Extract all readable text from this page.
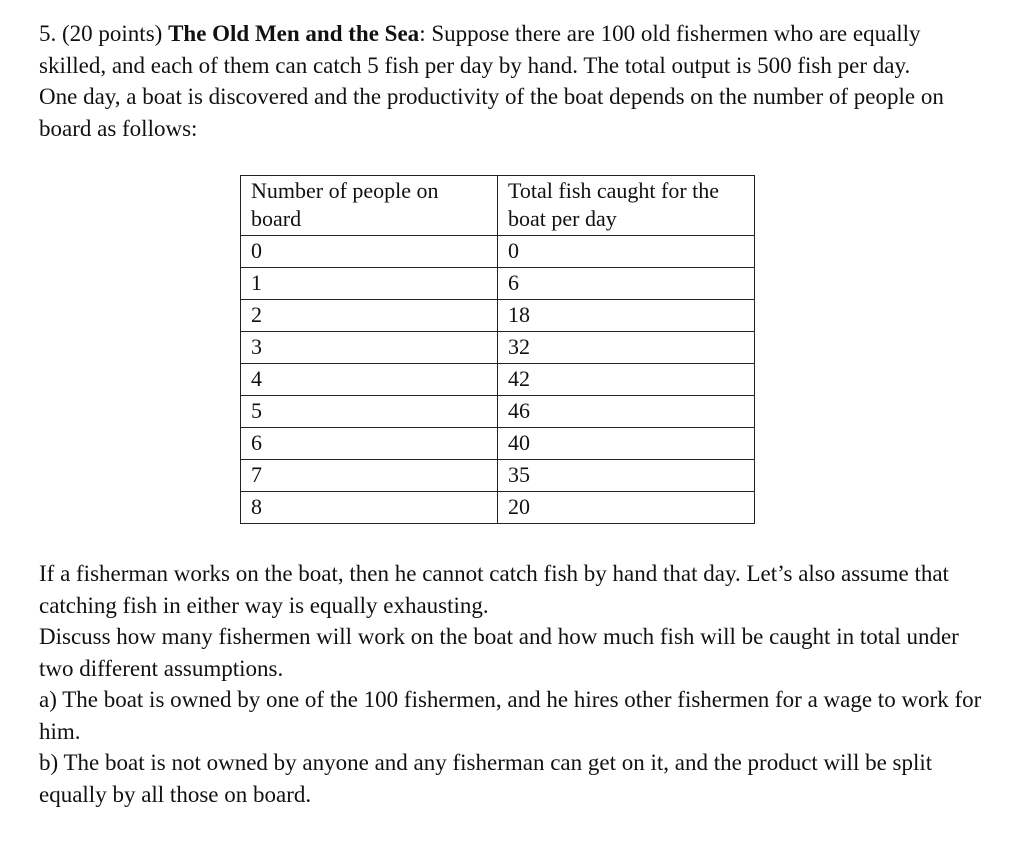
5. (20 points) The Old Men and the Sea: Suppose there are 100 old fishermen who are equally skilled, and each of them can catch 5 fish per day by hand. The total output is 500 fish per day.

One day, a boat is discovered and the productivity of the boat depends on the number of people on board as follows:

Number of people on board	Total fish caught for the boat per day
0	0
1	6
2	18
3	32
4	42
5	46
6	40
7	35
8	20

If a fisherman works on the boat, then he cannot catch fish by hand that day. Let’s also assume that catching fish in either way is equally exhausting.

Discuss how many fishermen will work on the boat and how much fish will be caught in total under two different assumptions.

a) The boat is owned by one of the 100 fishermen, and he hires other fishermen for a wage to work for him.

b) The boat is not owned by anyone and any fisherman can get on it, and the product will be split equally by all those on board.
